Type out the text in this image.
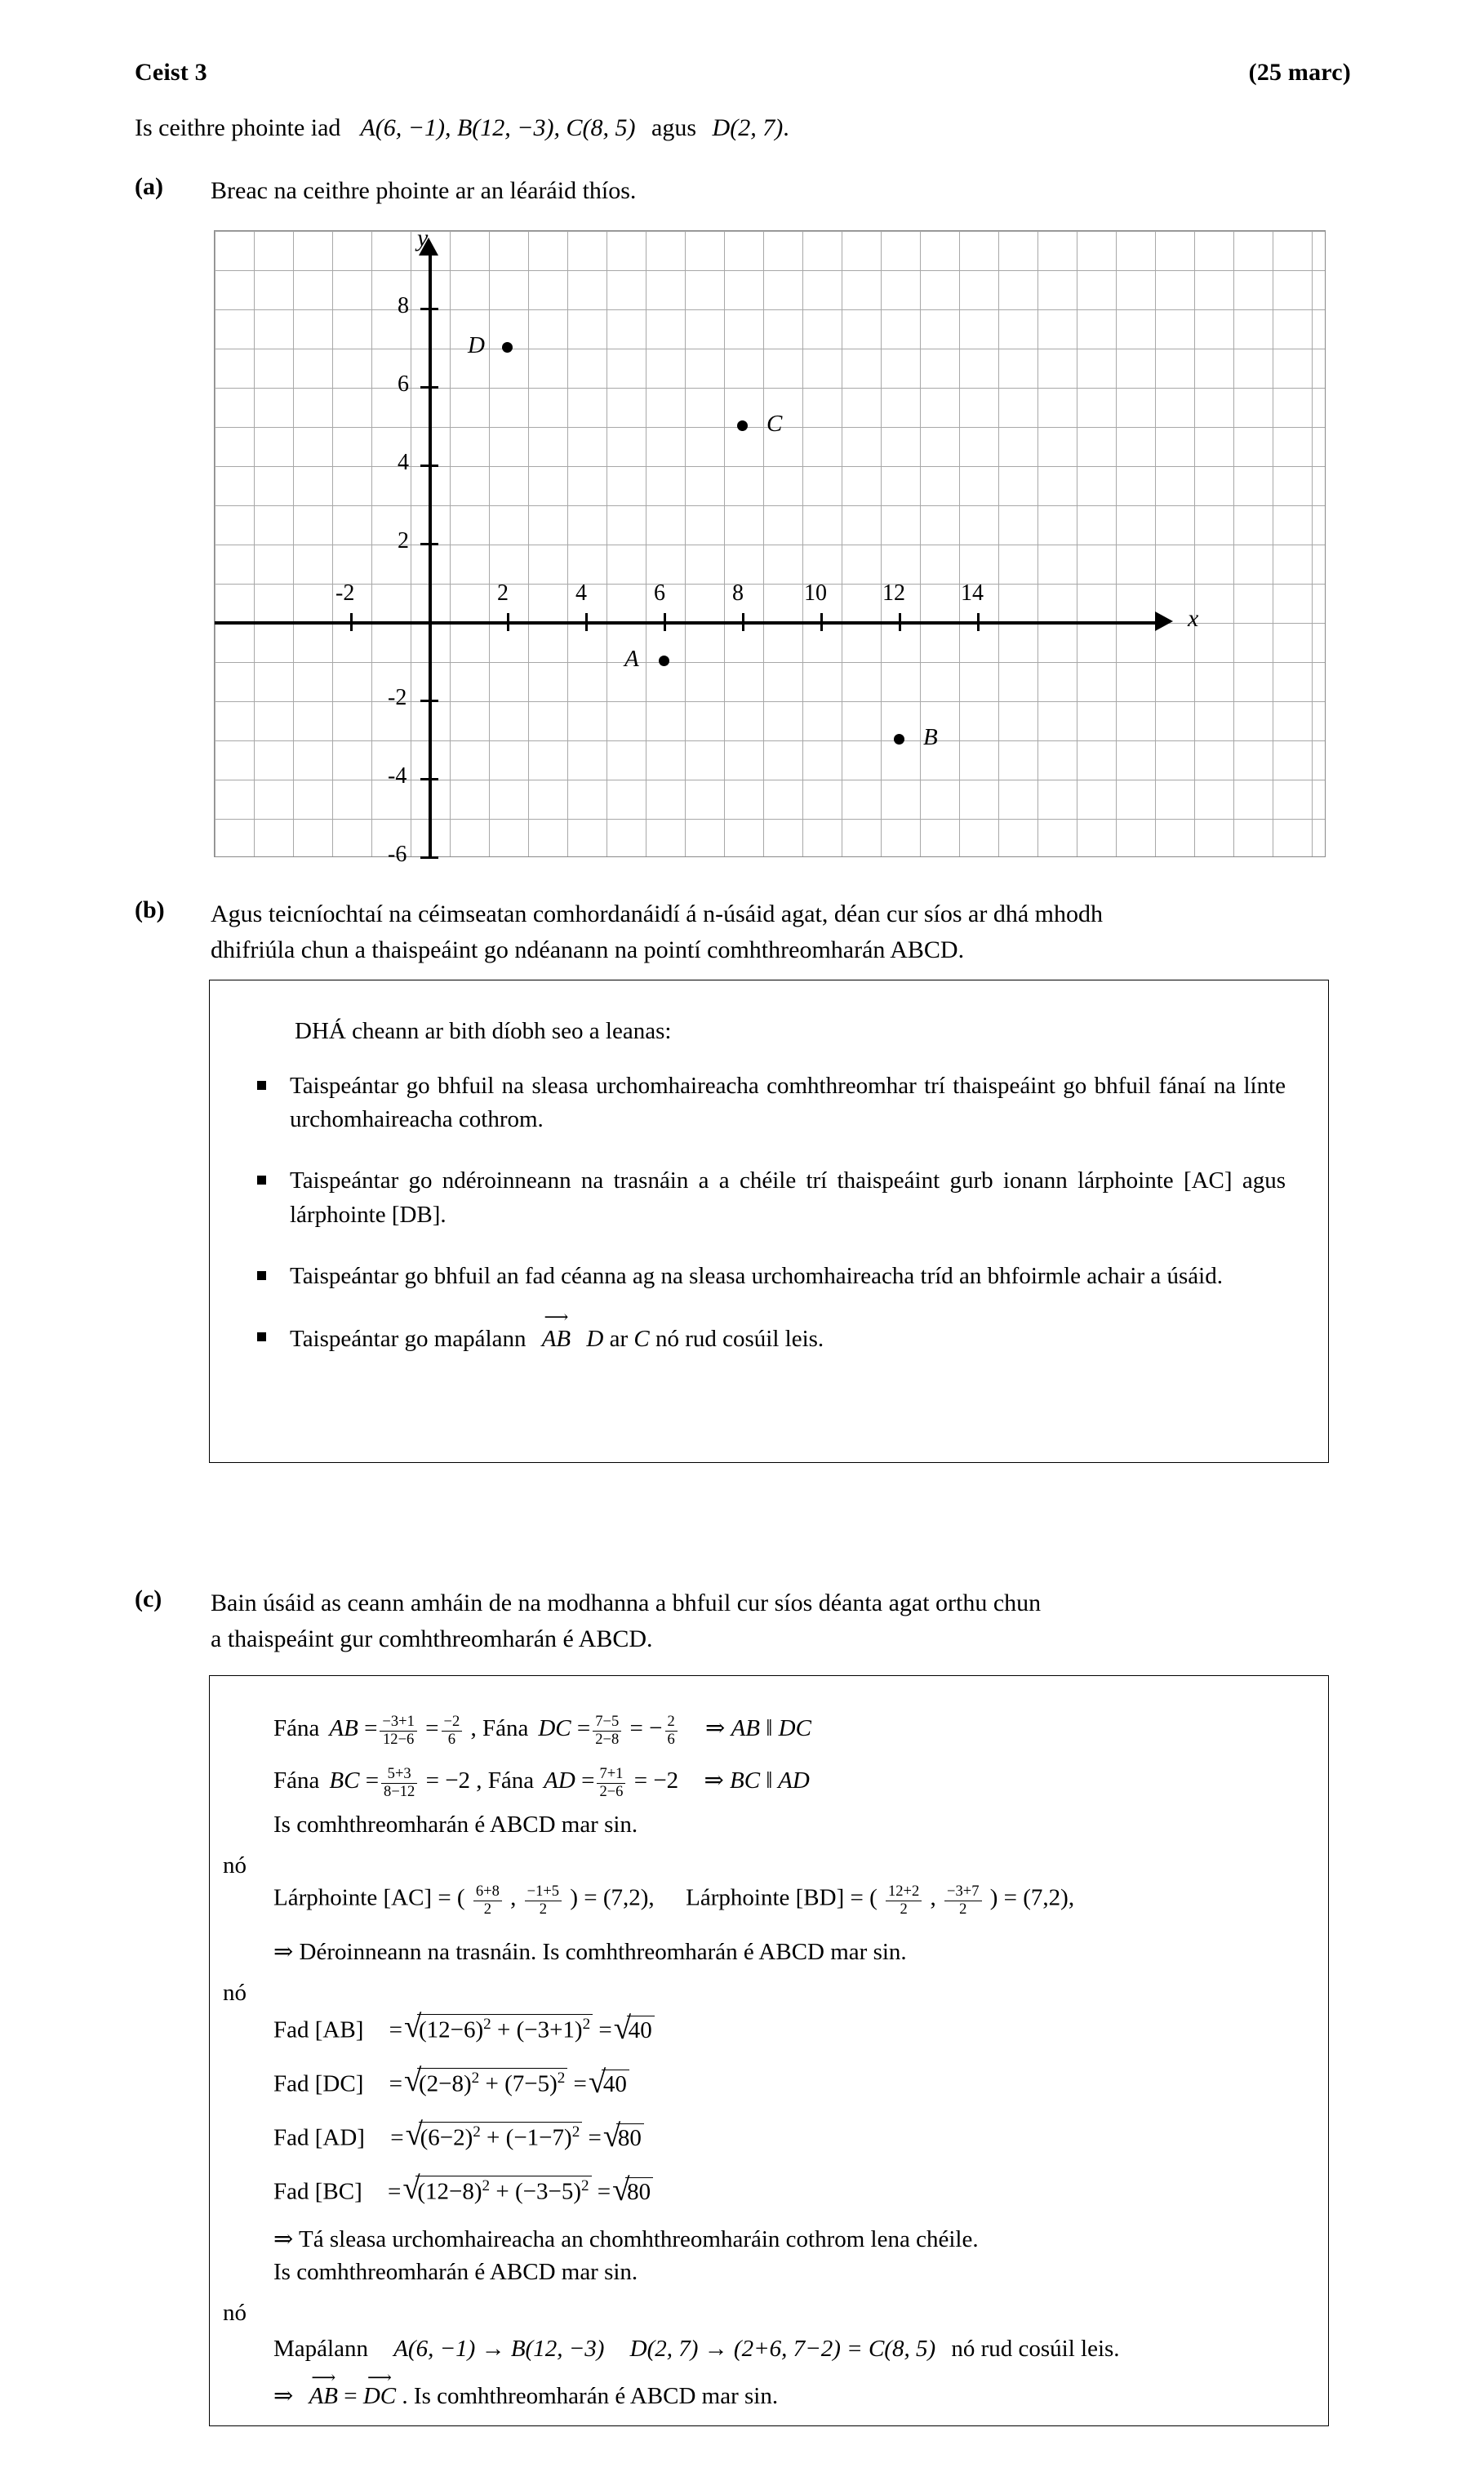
Ceist 3	(25 marc)
Is ceithre phointe iad A(6, −1), B(12, −3), C(8, 5) agus D(2, 7).
(a) Breac na ceithre phointe ar an léaráid thíos.
-2	2	4	6	8	10 12 14
8
6
4
2
-2
-4
-6
y
x
D
C
A
B
(b) Agus teicníochtaí na céimseatan comhordanáidí á n-úsáid agat, déan cur síos ar dhá mhodh
dhifriúla chun a thaispeáint go ndéanann na pointí comhthreomharán ABCD.

DHÁ cheann ar bith díobh seo a leanas:

Taispeántar go bhfuil na sleasa urchomhaireacha comhthreomhar trí thaispeáint go bhfuil fánaí na línte urchomhaireacha cothrom.
Taispeántar go ndéroinneann na trasnáin a a chéile trí thaispeáint gurb ionann lárphointe [AC] agus lárphointe [DB].
Taispeántar go bhfuil an fad céanna ag na sleasa urchomhaireacha tríd an bhfoirmle achair a úsáid.
Taispeántar go mapálann AB ⟶ D ar C nó rud cosúil leis.
(c) Bain úsáid as ceann amháin de na modhanna a bhfuil cur síos déanta agat orthu chun
a thaispeáint gur comhthreomharán é ABCD.
Fána AB = $\frac{-3+1}{12-6} = \frac{-2}{6}$ , Fána DC = $\frac{7-5}{2-8}$ = − $\frac{2}{6}$ ⇒ AB ‖ DC
Fána BC = $\frac{5+3}{8-12} = -2$ , Fána AD = $\frac{7+1}{2-6} = -2$ ⇒ BC ‖ AD
Is comhthreomharán é ABCD mar sin.
nó
Lárphointe [AC] = ( $\frac{6+8}{2}$ , $\frac{-1+5}{2}$ ) = (7,2), Lárphointe [BD] = ( $\frac{12+2}{2}$ , $\frac{-3+7}{2}$ ) = (7,2),
⇒ Déroinneann na trasnáin. Is comhthreomharán é ABCD mar sin.
nó
Fad [AB] = √ $(12-6)^2 + (-3+1)^2$ = √ 40
Fad [DC] = √ $(2-8)^2 + (7-5)^2$ = √ 40
Fad [AD] = √ $(6-2)^2 + (-1-7)^2$ = √ 80
Fad [BC] = √ $(12-8)^2 + (-3-5)^2$ = √ 80
⇒ Tá sleasa urchomhaireacha an chomhthreomharáin cothrom lena chéile.
Is comhthreomharán é ABCD mar sin.
nó
Mapálann A(6, −1) → B(12, −3) D(2, 7) → (2+6, 7−2) = C(8, 5) nó rud cosúil leis.
⇒ AB ⟶ = DC ⟶ . Is comhthreomharán é ABCD mar sin.
